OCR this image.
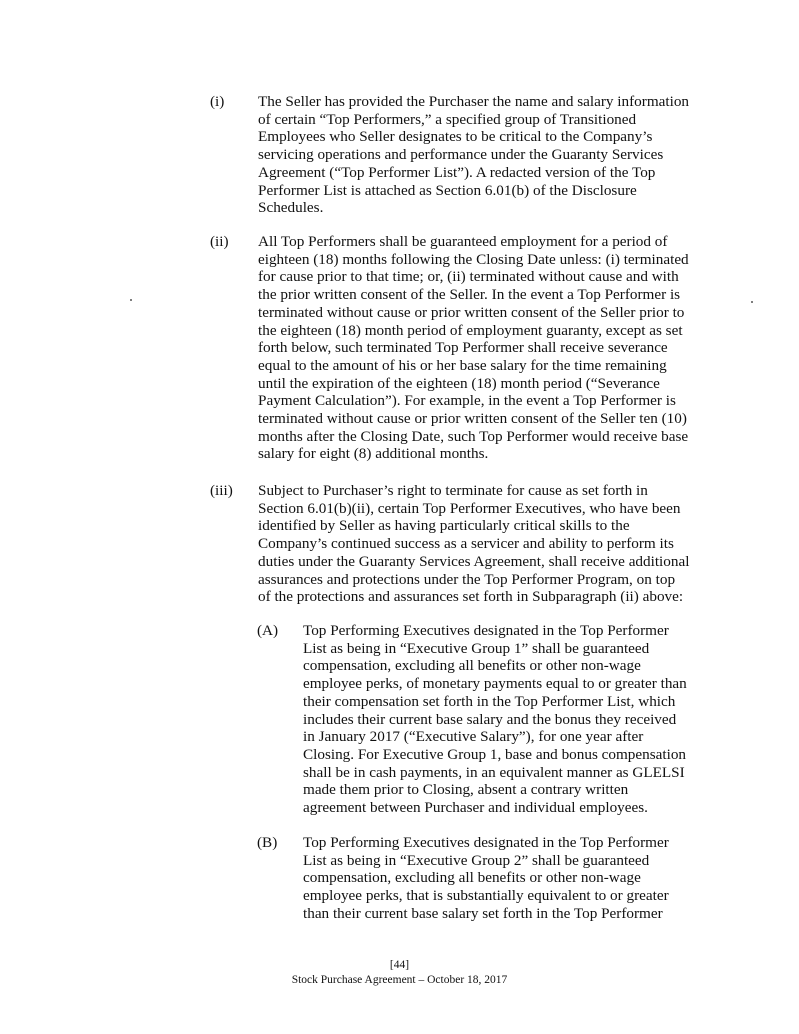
(i) The Seller has provided the Purchaser the name and salary information
of certain “Top Performers,” a specified group of Transitioned
Employees who Seller designates to be critical to the Company’s
servicing operations and performance under the Guaranty Services
Agreement (“Top Performer List”). A redacted version of the Top
Performer List is attached as Section 6.01(b) of the Disclosure
Schedules.
(ii) All Top Performers shall be guaranteed employment for a period of
eighteen (18) months following the Closing Date unless: (i) terminated
for cause prior to that time; or, (ii) terminated without cause and with
the prior written consent of the Seller. In the event a Top Performer is
terminated without cause or prior written consent of the Seller prior to
the eighteen (18) month period of employment guaranty, except as set
forth below, such terminated Top Performer shall receive severance
equal to the amount of his or her base salary for the time remaining
until the expiration of the eighteen (18) month period (“Severance
Payment Calculation”). For example, in the event a Top Performer is
terminated without cause or prior written consent of the Seller ten (10)
months after the Closing Date, such Top Performer would receive base
salary for eight (8) additional months.
(iii) Subject to Purchaser’s right to terminate for cause as set forth in
Section 6.01(b)(ii), certain Top Performer Executives, who have been
identified by Seller as having particularly critical skills to the
Company’s continued success as a servicer and ability to perform its
duties under the Guaranty Services Agreement, shall receive additional
assurances and protections under the Top Performer Program, on top
of the protections and assurances set forth in Subparagraph (ii) above:
(A) Top Performing Executives designated in the Top Performer
List as being in “Executive Group 1” shall be guaranteed
compensation, excluding all benefits or other non-wage
employee perks, of monetary payments equal to or greater than
their compensation set forth in the Top Performer List, which
includes their current base salary and the bonus they received
in January 2017 (“Executive Salary”), for one year after
Closing. For Executive Group 1, base and bonus compensation
shall be in cash payments, in an equivalent manner as GLELSI
made them prior to Closing, absent a contrary written
agreement between Purchaser and individual employees.
(B) Top Performing Executives designated in the Top Performer
List as being in “Executive Group 2” shall be guaranteed
compensation, excluding all benefits or other non-wage
employee perks, that is substantially equivalent to or greater
than their current base salary set forth in the Top Performer
[44]
Stock Purchase Agreement – October 18, 2017
